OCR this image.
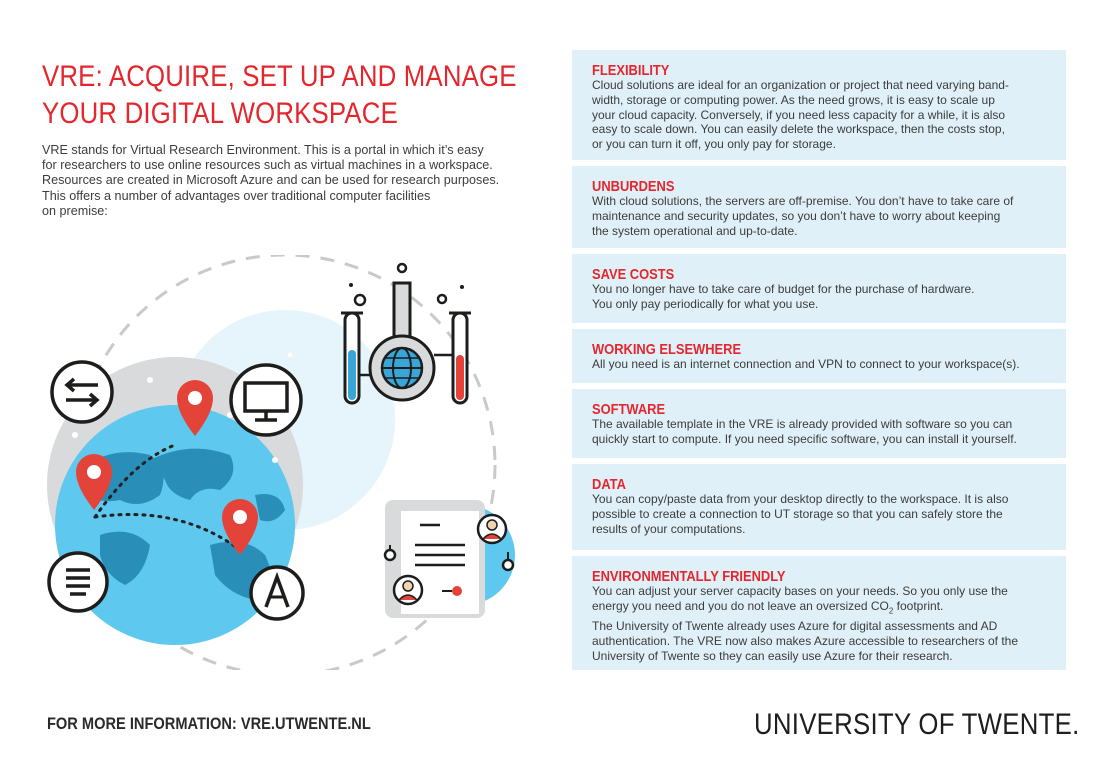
VRE: ACQUIRE, SET UP AND MANAGE
YOUR DIGITAL WORKSPACE
VRE stands for Virtual Research Environment. This is a portal in which it’s easy
for researchers to use online resources such as virtual machines in a workspace.
Resources are created in Microsoft Azure and can be used for research purposes.
This offers a number of advantages over traditional computer facilities
on premise:
FLEXIBILITY
Cloud solutions are ideal for an organization or project that need varying band-
width, storage or computing power. As the need grows, it is easy to scale up
your cloud capacity. Conversely, if you need less capacity for a while, it is also
easy to scale down. You can easily delete the workspace, then the costs stop,
or you can turn it off, you only pay for storage.
UNBURDENS
With cloud solutions, the servers are off-premise. You don’t have to take care of
maintenance and security updates, so you don’t have to worry about keeping
the system operational and up-to-date.
SAVE COSTS
You no longer have to take care of budget for the purchase of hardware.
You only pay periodically for what you use.
WORKING ELSEWHERE
All you need is an internet connection and VPN to connect to your workspace(s).
SOFTWARE
The available template in the VRE is already provided with software so you can
quickly start to compute. If you need specific software, you can install it yourself.
DATA
You can copy/paste data from your desktop directly to the workspace. It is also
possible to create a connection to UT storage so that you can safely store the
results of your computations.
ENVIRONMENTALLY FRIENDLY
You can adjust your server capacity bases on your needs. So you only use the
energy you need and you do not leave an oversized $CO_2$ footprint.
The University of Twente already uses Azure for digital assessments and AD
authentication. The VRE now also makes Azure accessible to researchers of the
University of Twente so they can easily use Azure for their research.
FOR MORE INFORMATION: VRE.UTWENTE.NL	UNIVERSITY OF TWENTE.
